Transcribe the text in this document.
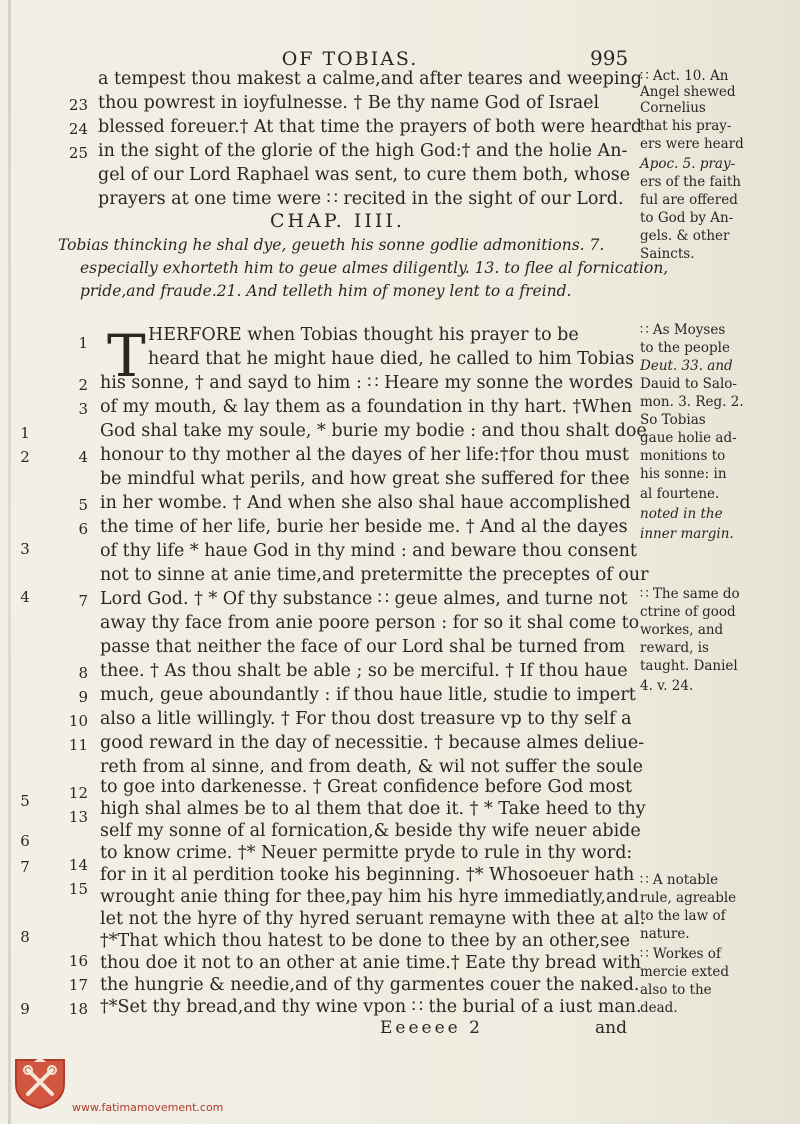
OF TOBIAS.	995
a tempest thou makest a calme,and after teares and weeping
thou powrest in ioyfulnesse. † Be thy name God of Israel
blessed foreuer.† At that time the prayers of both were heard
in the sight of the glorie of the high God:† and the holie An-
gel of our Lord Raphael was sent, to cure them both, whose
prayers at one time were ∷ recited in the sight of our Lord.
23
24
25
CHAP. IIII.
Tobias thincking he shal dye, geueth his sonne godlie admonitions. 7.
especially exhorteth him to geue almes diligently. 13. to flee al fornication,
pride,and fraude.21. And telleth him of money lent to a freind.
1 T HERFORE when Tobias thought his prayer to be
heard that he might haue died, he called to him Tobias
his sonne, † and sayd to him : ∷ Heare my sonne the wordes
of my mouth, & lay them as a foundation in thy hart. †When
God shal take my soule, * burie my bodie : and thou shalt doe
honour to thy mother al the dayes of her life:†for thou must
be mindful what perils, and how great she suffered for thee
in her wombe. † And when she also shal haue accomplished
the time of her life, burie her beside me. † And al the dayes
of thy life * haue God in thy mind : and beware thou consent
not to sinne at anie time,and pretermitte the preceptes of our
Lord God. † * Of thy substance ∷ geue almes, and turne not
away thy face from anie poore person : for so it shal come to
passe that neither the face of our Lord shal be turned from
thee. † As thou shalt be able ; so be merciful. † If thou haue
much, geue aboundantly : if thou haue litle, studie to impert
also a litle willingly. † For thou dost treasure vp to thy self a
good reward in the day of necessitie. † because almes deliue-
reth from al sinne, and from death, & wil not suffer the soule
to goe into darkenesse. † Great confidence before God most
high shal almes be to al them that doe it. † * Take heed to thy
self my sonne of al fornication,& beside thy wife neuer abide
to know crime. †* Neuer permitte pryde to rule in thy word:
for in it al perdition tooke his beginning. †* Whosoeuer hath
wrought anie thing for thee,pay him his hyre immediatly,and
let not the hyre of thy hyred seruant remayne with thee at al.
†*That which thou hatest to be done to thee by an other,see
thou doe it not to an other at anie time.† Eate thy bread with
the hungrie & needie,and of thy garmentes couer the naked.
†*Set thy bread,and thy wine vpon ∷ the burial of a iust man.
2
3
4
5
6
7
8
9
10
11
12
13
14
15
16
17
18
1
2
3
4
5
6
7
8
9
∷ Act. 10. An
Angel shewed
Cornelius
that his pray-
ers were heard
Apoc. 5. pray-
ers of the faith
ful are offered
to God by An-
gels. & other
Saincts.
∷ As Moyses
to the people
Deut. 33. and
Dauid to Salo-
mon. 3. Reg. 2.
So Tobias
gaue holie ad-
monitions to
his sonne: in
al fourtene.
noted in the
inner margin.
∷ The same do
ctrine of good
workes, and
reward, is
taught. Daniel
4. v. 24.
∷ A notable
rule, agreable
to the law of
nature.
∷ Workes of
mercie exted
also to the
dead.
Eeeeee 2	and
www.fatimamovement.com
